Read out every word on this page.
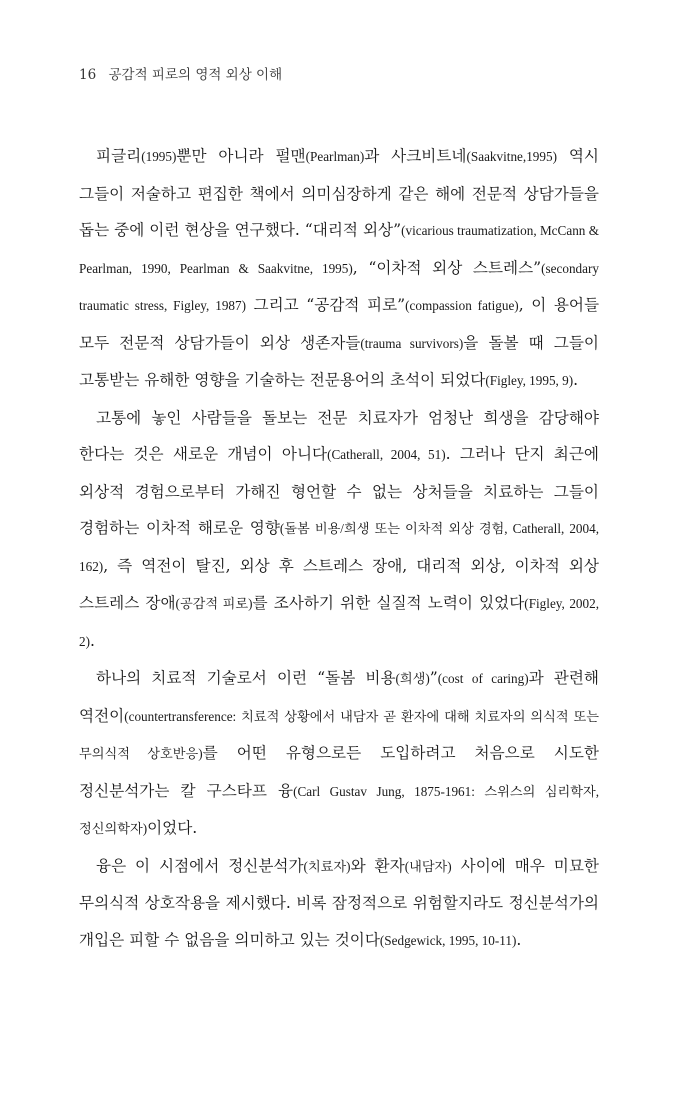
16 공감적 피로의 영적 외상 이해

피글리(1995)뿐만 아니라 펄맨(Pearlman)과 사크비트네(Saakvitne,1995) 역시 그들이 저술하고 편집한 책에서 의미심장하게 같은 해에 전문적 상담가들을 돕는 중에 이런 현상을 연구했다. “대리적 외상”(vicarious traumatization, McCann & Pearlman, 1990, Pearlman & Saakvitne, 1995), “이차적 외상 스트레스”(secondary traumatic stress, Figley, 1987) 그리고 “공감적 피로”(compassion fatigue), 이 용어들 모두 전문적 상담가들이 외상 생존자들(trauma survivors)을 돌볼 때 그들이 고통받는 유해한 영향을 기술하는 전문용어의 초석이 되었다(Figley, 1995, 9).

고통에 놓인 사람들을 돌보는 전문 치료자가 엄청난 희생을 감당해야 한다는 것은 새로운 개념이 아니다(Catherall, 2004, 51). 그러나 단지 최근에 외상적 경험으로부터 가해진 형언할 수 없는 상처들을 치료하는 그들이 경험하는 이차적 해로운 영향(돌봄 비용/희생 또는 이차적 외상 경험, Catherall, 2004, 162), 즉 역전이 탈진, 외상 후 스트레스 장애, 대리적 외상, 이차적 외상 스트레스 장애(공감적 피로)를 조사하기 위한 실질적 노력이 있었다(Figley, 2002, 2).

하나의 치료적 기술로서 이런 “돌봄 비용(희생)”(cost of caring)과 관련해 역전이(countertransference: 치료적 상황에서 내담자 곧 환자에 대해 치료자의 의식적 또는 무의식적 상호반응)를 어떤 유형으로든 도입하려고 처음으로 시도한 정신분석가는 칼 구스타프 융(Carl Gustav Jung, 1875-1961: 스위스의 심리학자, 정신의학자)이었다.

융은 이 시점에서 정신분석가(치료자)와 환자(내담자) 사이에 매우 미묘한 무의식적 상호작용을 제시했다. 비록 잠정적으로 위험할지라도 정신분석가의 개입은 피할 수 없음을 의미하고 있는 것이다(Sedgewick, 1995, 10-11).
